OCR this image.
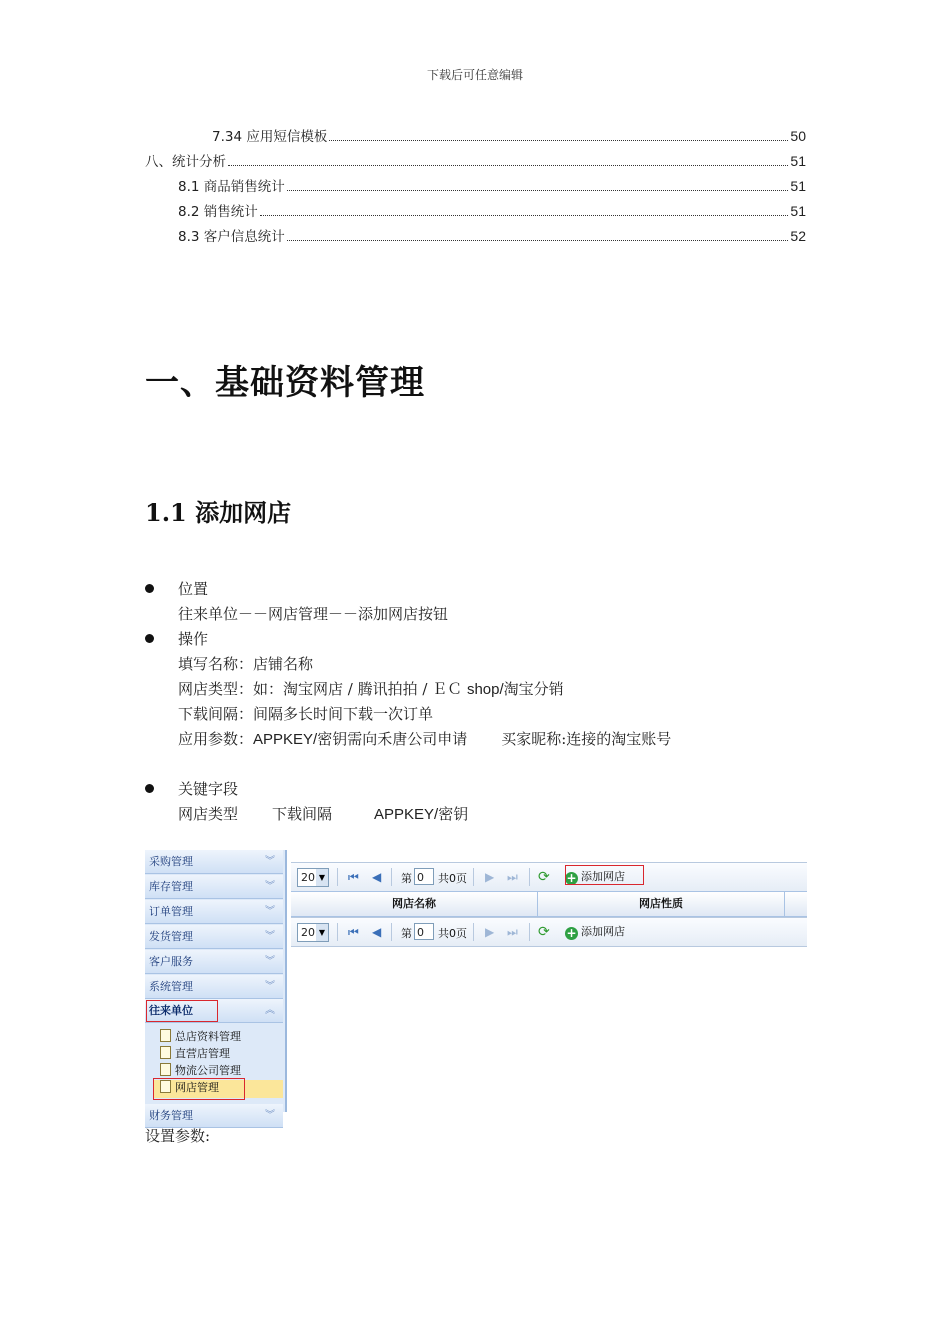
下载后可任意编辑
7.34 应用短信模板	50
八、统计分析	51
8.1 商品销售统计	51
8.2 销售统计	51
8.3 客户信息统计	52
一、基础资料管理
1.1 添加网店
位置
往来单位－－网店管理－－添加网店按钮
操作
填写名称：店铺名称
网店类型：如：淘宝网店 / 腾讯拍拍 / ＥＣ shop/淘宝分销
下载间隔：间隔多长时间下载一次订单
应用参数：APPKEY/密钥需向禾唐公司申请 买家昵称:连接的淘宝账号
关键字段
网店类型 下载间隔	APPKEY/密钥
采购管理	︾
库存管理	︾
订单管理	︾
发货管理	︾
客户服务	︾
系统管理	︾
往来单位	︽
总店资料管理
直营店管理
物流公司管理
网店管理
财务管理	︾
20 ▼ ⏮ ◀ 第 0	共0页 ▶ ⏭ ⟳ + 添加网店
网店名称	网店性质
20 ▼ ⏮ ◀ 第 0	共0页 ▶ ⏭ ⟳ + 添加网店
设置参数:
